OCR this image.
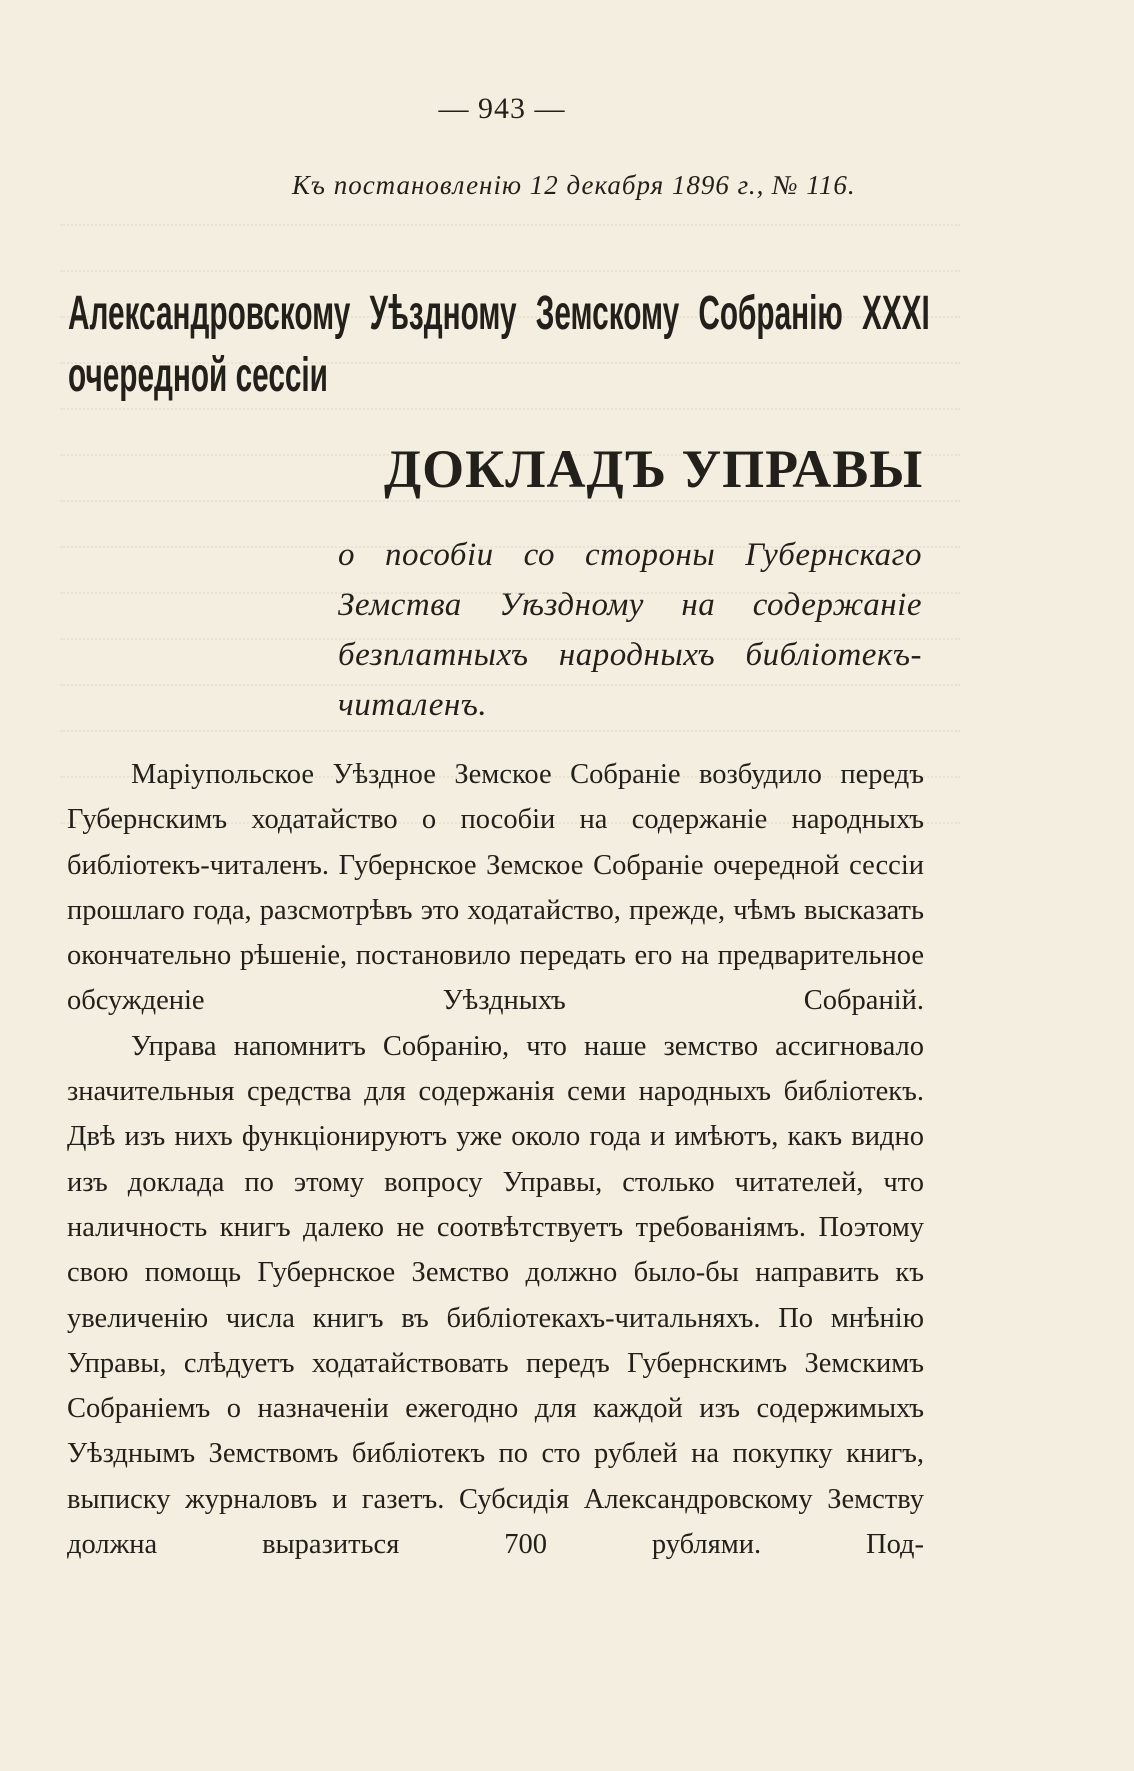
— 943 —
Къ постановленію 12 декабря 1896 г., № 116.
Александровскому Уѣздному Земскому Собранію XXXI очередной сессіи
ДОКЛАДЪ УПРАВЫ
о пособіи со стороны Губернскаго Земства Уѣздному на содержаніе безплатныхъ народныхъ библіотекъ-читаленъ.

Маріупольское Уѣздное Земское Собраніе возбудило передъ Губернскимъ ходатайство о пособіи на содержаніе народныхъ библіотекъ-читаленъ. Губернское Земское Собраніе очередной сессіи прошлаго года, разсмотрѣвъ это ходатайство, прежде, чѣмъ высказать окончательно рѣшеніе, постановило передать его на предварительное обсужденіе Уѣздныхъ Собраній.

Управа напомнитъ Собранію, что наше земство ассигновало значительныя средства для содержанія семи народныхъ библіотекъ. Двѣ изъ нихъ функціонируютъ уже около года и имѣютъ, какъ видно изъ доклада по этому вопросу Управы, столько читателей, что наличность книгъ далеко не соотвѣтствуетъ требованіямъ. Поэтому свою помощь Губернское Земство должно было-бы направить къ увеличенію числа книгъ въ библіотекахъ-читальняхъ. По мнѣнію Управы, слѣдуетъ ходатайствовать передъ Губернскимъ Земскимъ Собраніемъ о назначеніи ежегодно для каждой изъ содержимыхъ Уѣзднымъ Земствомъ библіотекъ по сто рублей на покупку книгъ, выписку журналовъ и газетъ. Субсидія Александровскому Земству должна выразиться 700 рублями. Под-
